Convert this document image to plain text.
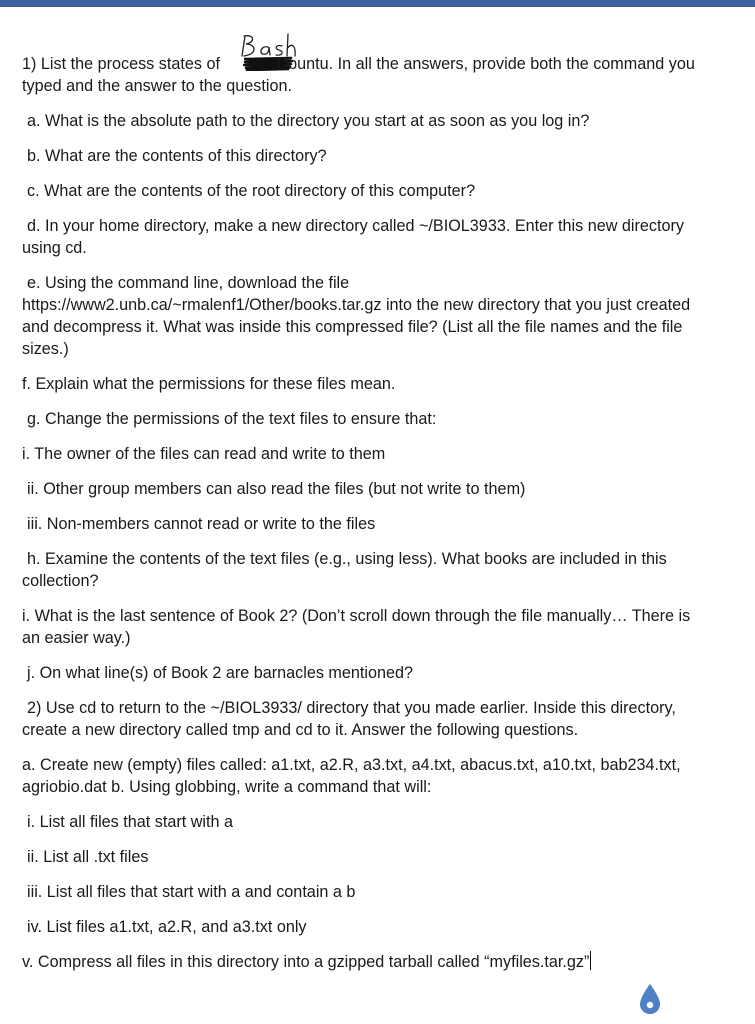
1) List the process states of	Ubuntu. In all the answers, provide both the command you

typed and the answer to the question.

a. What is the absolute path to the directory you start at as soon as you log in?

b. What are the contents of this directory?

c. What are the contents of the root directory of this computer?

d. In your home directory, make a new directory called ~/BIOL3933. Enter this new directory

using cd.

e. Using the command line, download the file

https://www2.unb.ca/~rmalenf1/Other/books.tar.gz into the new directory that you just created

and decompress it. What was inside this compressed file? (List all the file names and the file

sizes.)

f. Explain what the permissions for these files mean.

g. Change the permissions of the text files to ensure that:

i. The owner of the files can read and write to them

ii. Other group members can also read the files (but not write to them)

iii. Non-members cannot read or write to the files

h. Examine the contents of the text files (e.g., using less). What books are included in this

collection?

i. What is the last sentence of Book 2? (Don’t scroll down through the file manually… There is

an easier way.)

j. On what line(s) of Book 2 are barnacles mentioned?

2) Use cd to return to the ~/BIOL3933/ directory that you made earlier. Inside this directory,

create a new directory called tmp and cd to it. Answer the following questions.

a. Create new (empty) files called: a1.txt, a2.R, a3.txt, a4.txt, abacus.txt, a10.txt, bab234.txt,

agriobio.dat b. Using globbing, write a command that will:

i. List all files that start with a

ii. List all .txt files

iii. List all files that start with a and contain a b

iv. List files a1.txt, a2.R, and a3.txt only

v. Compress all files in this directory into a gzipped tarball called “myfiles.tar.gz”
